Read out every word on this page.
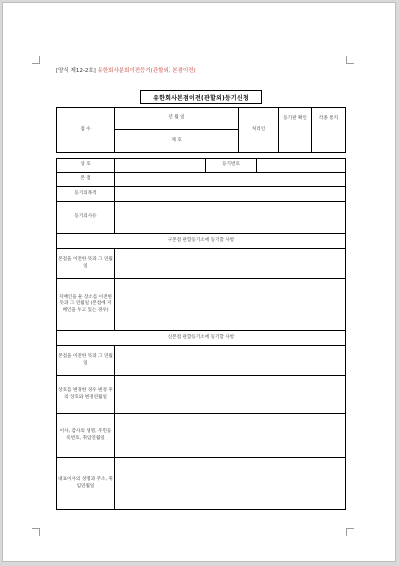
[양식 제12-2호] 유한회사분회이전등기(관할외, 본점이전)
유한회사본점이전(관할외)등기신청
접 수	년 월 일	처리인	등기관 확인	각종 통지
	제 호			
상 호		등기번호	
본 점			
등기의목적			
등기의사유			
구본점 관할등기소에 등기할 사항			
본점을 이전한 뜻과 그 연월일			
지배인을 둔 장소를 이전한 뜻과 그 연월일 (본점에 지배인을 두고 있는 경우)			
신본점 관할등기소에 등기할 사항			
본점을 이전한 뜻과 그 연월일			
상호를 변경한 경우 변경 후의 상호와 변경연월일			
이사, 감사의 성명, 주민등록번호, 취임연월일			
대표이사의 성명과 주소, 취임연월일			
